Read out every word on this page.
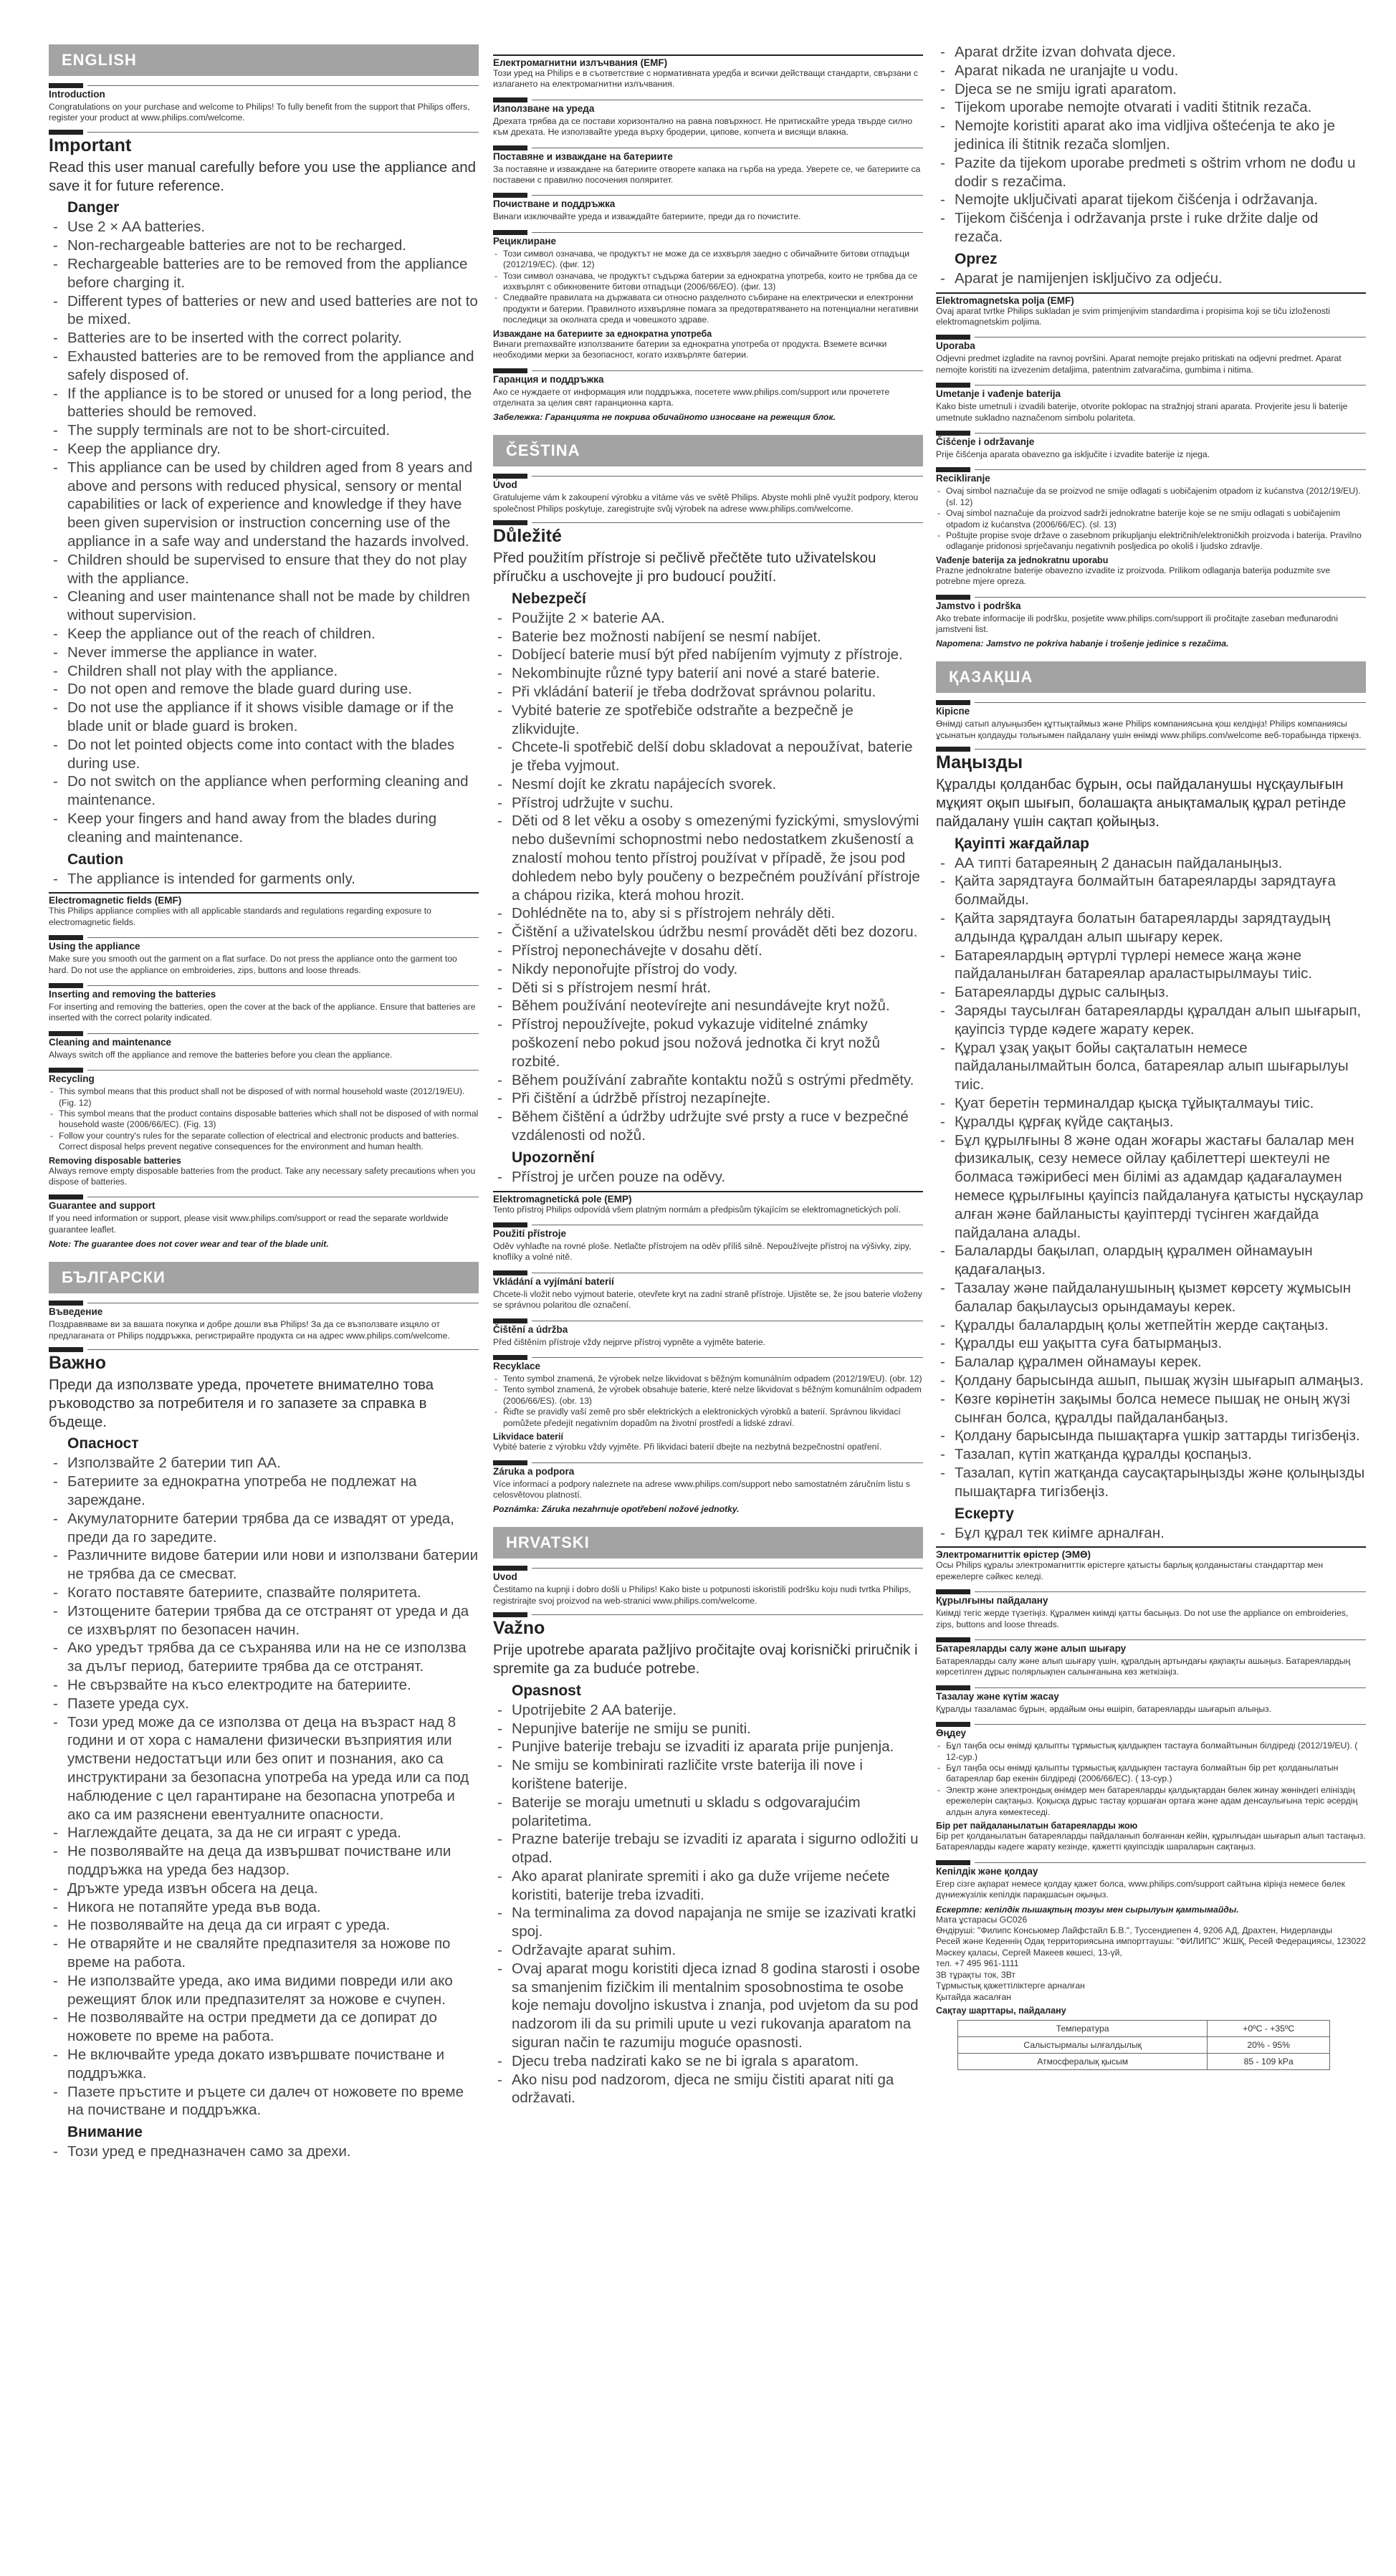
ENGLISH
Introduction

Congratulations on your purchase and welcome to Philips! To fully benefit from the support that Philips offers, register your product at www.philips.com/welcome.

Important

Read this user manual carefully before you use the appliance and save it for future reference.

Danger
- Use 2 × AA batteries.
- Non-rechargeable batteries are not to be recharged.
- Rechargeable batteries are to be removed from the appliance before charging it.
- Different types of batteries or new and used batteries are not to be mixed.
- Batteries are to be inserted with the correct polarity.
- Exhausted batteries are to be removed from the appliance and safely disposed of.
- If the appliance is to be stored or unused for a long period, the batteries should be removed.
- The supply terminals are not to be short-circuited.
- Keep the appliance dry.
- This appliance can be used by children aged from 8 years and above and persons with reduced physical, sensory or mental capabilities or lack of experience and knowledge if they have been given supervision or instruction concerning use of the appliance in a safe way and understand the hazards involved.
- Children should be supervised to ensure that they do not play with the appliance.
- Cleaning and user maintenance shall not be made by children without supervision.
- Keep the appliance out of the reach of children.
- Never immerse the appliance in water.
- Children shall not play with the appliance.
- Do not open and remove the blade guard during use.
- Do not use the appliance if it shows visible damage or if the blade unit or blade guard is broken.
- Do not let pointed objects come into contact with the blades during use.
- Do not switch on the appliance when performing cleaning and maintenance.
- Keep your fingers and hand away from the blades during cleaning and maintenance.
Caution
- The appliance is intended for garments only.
Electromagnetic fields (EMF)

This Philips appliance complies with all applicable standards and regulations regarding exposure to electromagnetic fields.

Using the appliance

Make sure you smooth out the garment on a flat surface. Do not press the appliance onto the garment too hard. Do not use the appliance on embroideries, zips, buttons and loose threads.

Inserting and removing the batteries

For inserting and removing the batteries, open the cover at the back of the appliance. Ensure that batteries are inserted with the correct polarity indicated.

Cleaning and maintenance

Always switch off the appliance and remove the batteries before you clean the appliance.

Recycling
- This symbol means that this product shall not be disposed of with normal household waste (2012/19/EU). (Fig. 12)
- This symbol means that the product contains disposable batteries which shall not be disposed of with normal household waste (2006/66/EC). (Fig. 13)
- Follow your country's rules for the separate collection of electrical and electronic products and batteries. Correct disposal helps prevent negative consequences for the environment and human health.
Removing disposable batteries

Always remove empty disposable batteries from the product. Take any necessary safety precautions when you dispose of batteries.

Guarantee and support

If you need information or support, please visit www.philips.com/support or read the separate worldwide guarantee leaflet.

Note: The guarantee does not cover wear and tear of the blade unit.

БЪЛГАРСКИ
Въведение

Поздравяваме ви за вашата покупка и добре дошли във Philips! За да се възползвате изцяло от предлаганата от Philips поддръжка, регистрирайте продукта си на адрес www.philips.com/welcome.

Важно

Преди да използвате уреда, прочетете внимателно това ръководство за потребителя и го запазете за справка в бъдеще.

Опасност
- Използвайте 2 батерии тип АА.
- Батериите за еднократна употреба не подлежат на зареждане.
- Акумулаторните батерии трябва да се извадят от уреда, преди да го заредите.
- Различните видове батерии или нови и използвани батерии не трябва да се смесват.
- Когато поставяте батериите, спазвайте поляритета.
- Изтощените батерии трябва да се отстранят от уреда и да се изхвърлят по безопасен начин.
- Ако уредът трябва да се съхранява или на не се използва за дълъг период, батериите трябва да се отстранят.
- Не свързвайте на късо електродите на батериите.
- Пазете уреда сух.
- Този уред може да се използва от деца на възраст над 8 години и от хора с намалени физически възприятия или умствени недостатъци или без опит и познания, ако са инструктирани за безопасна употреба на уреда или са под наблюдение с цел гарантиране на безопасна употреба и ако са им разяснени евентуалните опасности.
- Наглеждайте децата, за да не си играят с уреда.
- Не позволявайте на деца да извършват почистване или поддръжка на уреда без надзор.
- Дръжте уреда извън обсега на деца.
- Никога не потапяйте уреда във вода.
- Не позволявайте на деца да си играят с уреда.
- Не отваряйте и не сваляйте предпазителя за ножове по време на работа.
- Не използвайте уреда, ако има видими повреди или ако режещият блок или предпазителят за ножове е счупен.
- Не позволявайте на остри предмети да се допират до ножовете по време на работа.
- Не включвайте уреда докато извършвате почистване и поддръжка.
- Пазете пръстите и ръцете си далеч от ножовете по време на почистване и поддръжка.
Внимание
- Този уред е предназначен само за дрехи.
Електромагнитни излъчвания (EMF)

Този уред на Philips е в съответствие с нормативната уредба и всички действащи стандарти, свързани с излагането на електромагнитни излъчвания.

Използване на уреда

Дрехата трябва да се постави хоризонтално на равна повърхност. Не притискайте уреда твърде силно към дрехата. Не използвайте уреда върху бродерии, ципове, копчета и висящи влакна.

Поставяне и изваждане на батериите

За поставяне и изваждане на батериите отворете капака на гърба на уреда. Уверете се, че батериите са поставени с правилно посочения поляритет.

Почистване и поддръжка

Винаги изключвайте уреда и изваждайте батериите, преди да го почистите.

Рециклиране
- Този символ означава, че продуктът не може да се изхвърля заедно с обичайните битови отпадъци (2012/19/ЕС). (фиг. 12)
- Този символ означава, че продуктът съдържа батерии за еднократна употреба, които не трябва да се изхвърлят с обикновените битови отпадъци (2006/66/EO). (фиг. 13)
- Следвайте правилата на държавата си относно разделното събиране на електрически и електронни продукти и батерии. Правилното изхвърляне помага за предотвратяването на потенциални негативни последици за околната среда и човешкото здраве.
Изваждане на батериите за еднократна употреба

Винаги premaхвайте използваните батерии за еднократна употреба от продукта. Вземете всички необходими мерки за безопасност, когато изхвърляте батерии.

Гаранция и поддръжка

Ако се нуждаете от информация или поддръжка, посетете www.philips.com/support или прочетете отделната за целия свят гаранционна карта.

Забележка: Гаранцията не покрива обичайното износване на режещия блок.

ČEŠTINA
Úvod

Gratulujeme vám k zakoupení výrobku a vítáme vás ve světě Philips. Abyste mohli plně využít podpory, kterou společnost Philips poskytuje, zaregistrujte svůj výrobek na adrese www.philips.com/welcome.

Důležité

Před použitím přístroje si pečlivě přečtěte tuto uživatelskou příručku a uschovejte ji pro budoucí použití.

Nebezpečí
- Použijte 2 × baterie AA.
- Baterie bez možnosti nabíjení se nesmí nabíjet.
- Dobíjecí baterie musí být před nabíjením vyjmuty z přístroje.
- Nekombinujte různé typy baterií ani nové a staré baterie.
- Při vkládání baterií je třeba dodržovat správnou polaritu.
- Vybité baterie ze spotřebiče odstraňte a bezpečně je zlikvidujte.
- Chcete-li spotřebič delší dobu skladovat a nepoužívat, baterie je třeba vyjmout.
- Nesmí dojít ke zkratu napájecích svorek.
- Přístroj udržujte v suchu.
- Děti od 8 let věku a osoby s omezenými fyzickými, smyslovými nebo duševními schopnostmi nebo nedostatkem zkušeností a znalostí mohou tento přístroj používat v případě, že jsou pod dohledem nebo byly poučeny o bezpečném používání přístroje a chápou rizika, která mohou hrozit.
- Dohlédněte na to, aby si s přístrojem nehrály děti.
- Čištění a uživatelskou údržbu nesmí provádět děti bez dozoru.
- Přístroj neponechávejte v dosahu dětí.
- Nikdy neponořujte přístroj do vody.
- Děti si s přístrojem nesmí hrát.
- Během používání neotevírejte ani nesundávejte kryt nožů.
- Přístroj nepoužívejte, pokud vykazuje viditelné známky poškození nebo pokud jsou nožová jednotka či kryt nožů rozbité.
- Během používání zabraňte kontaktu nožů s ostrými předměty.
- Při čištění a údržbě přístroj nezapínejte.
- Během čištění a údržby udržujte své prsty a ruce v bezpečné vzdálenosti od nožů.
Upozornění
- Přístroj je určen pouze na oděvy.
Elektromagnetická pole (EMP)

Tento přístroj Philips odpovídá všem platným normám a předpisům týkajícím se elektromagnetických polí.

Použití přístroje

Oděv vyhlaďte na rovné ploše. Netlačte přístrojem na oděv příliš silně. Nepoužívejte přístroj na výšivky, zipy, knoflíky a volné nitě.

Vkládání a vyjímání baterií

Chcete-li vložit nebo vyjmout baterie, otevřete kryt na zadní straně přístroje. Ujistěte se, že jsou baterie vloženy se správnou polaritou dle označení.

Čištění a údržba

Před čištěním přístroje vždy nejprve přístroj vypněte a vyjměte baterie.

Recyklace
- Tento symbol znamená, že výrobek nelze likvidovat s běžným komunálním odpadem (2012/19/EU). (obr. 12)
- Tento symbol znamená, že výrobek obsahuje baterie, které nelze likvidovat s běžným komunálním odpadem (2006/66/ES). (obr. 13)
- Řiďte se pravidly vaší země pro sběr elektrických a elektronických výrobků a baterií. Správnou likvidací pomůžete předejít negativním dopadům na životní prostředí a lidské zdraví.
Likvidace baterií

Vybité baterie z výrobku vždy vyjměte. Při likvidaci baterií dbejte na nezbytná bezpečnostní opatření.

Záruka a podpora

Více informací a podpory naleznete na adrese www.philips.com/support nebo samostatném záručním listu s celosvětovou platností.

Poznámka: Záruka nezahrnuje opotřebení nožové jednotky.

HRVATSKI
Uvod

Čestitamo na kupnji i dobro došli u Philips! Kako biste u potpunosti iskoristili podršku koju nudi tvrtka Philips, registrirajte svoj proizvod na web-stranici www.philips.com/welcome.

Važno

Prije upotrebe aparata pažljivo pročitajte ovaj korisnički priručnik i spremite ga za buduće potrebe.

Opasnost
- Upotrijebite 2 AA baterije.
- Nepunjive baterije ne smiju se puniti.
- Punjive baterije trebaju se izvaditi iz aparata prije punjenja.
- Ne smiju se kombinirati različite vrste baterija ili nove i korištene baterije.
- Baterije se moraju umetnuti u skladu s odgovarajućim polaritetima.
- Prazne baterije trebaju se izvaditi iz aparata i sigurno odložiti u otpad.
- Ako aparat planirate spremiti i ako ga duže vrijeme nećete koristiti, baterije treba izvaditi.
- Na terminalima za dovod napajanja ne smije se izazivati kratki spoj.
- Održavajte aparat suhim.
- Ovaj aparat mogu koristiti djeca iznad 8 godina starosti i osobe sa smanjenim fizičkim ili mentalnim sposobnostima te osobe koje nemaju dovoljno iskustva i znanja, pod uvjetom da su pod nadzorom ili da su primili upute u vezi rukovanja aparatom na siguran način te razumiju moguće opasnosti.
- Djecu treba nadzirati kako se ne bi igrala s aparatom.
- Ako nisu pod nadzorom, djeca ne smiju čistiti aparat niti ga održavati.
- Aparat držite izvan dohvata djece.
- Aparat nikada ne uranjajte u vodu.
- Djeca se ne smiju igrati aparatom.
- Tijekom uporabe nemojte otvarati i vaditi štitnik rezača.
- Nemojte koristiti aparat ako ima vidljiva oštećenja te ako je jedinica ili štitnik rezača slomljen.
- Pazite da tijekom uporabe predmeti s oštrim vrhom ne dođu u dodir s rezačima.
- Nemojte uključivati aparat tijekom čišćenja i održavanja.
- Tijekom čišćenja i održavanja prste i ruke držite dalje od rezača.
Oprez
- Aparat je namijenjen isključivo za odjeću.
Elektromagnetska polja (EMF)

Ovaj aparat tvrtke Philips sukladan je svim primjenjivim standardima i propisima koji se tiču izloženosti elektromagnetskim poljima.

Uporaba

Odjevni predmet izgladite na ravnoj površini. Aparat nemojte prejako pritiskati na odjevni predmet. Aparat nemojte koristiti na izvezenim detaljima, patentnim zatvaračima, gumbima i nitima.

Umetanje i vađenje baterija

Kako biste umetnuli i izvadili baterije, otvorite poklopac na stražnjoj strani aparata. Provjerite jesu li baterije umetnute sukladno naznačenom simbolu polariteta.

Čišćenje i održavanje

Prije čišćenja aparata obavezno ga isključite i izvadite baterije iz njega.

Recikliranje
- Ovaj simbol naznačuje da se proizvod ne smije odlagati s uobičajenim otpadom iz kućanstva (2012/19/EU). (sl. 12)
- Ovaj simbol naznačuje da proizvod sadrži jednokratne baterije koje se ne smiju odlagati s uobičajenim otpadom iz kućanstva (2006/66/EC). (sl. 13)
- Poštujte propise svoje države o zasebnom prikupljanju električnih/elektroničkih proizvoda i baterija. Pravilno odlaganje pridonosi sprječavanju negativnih posljedica po okoliš i ljudsko zdravlje.
Vađenje baterija za jednokratnu uporabu

Prazne jednokratne baterije obavezno izvadite iz proizvoda. Prilikom odlaganja baterija poduzmite sve potrebne mjere opreza.

Jamstvo i podrška

Ako trebate informacije ili podršku, posjetite www.philips.com/support ili pročitajte zaseban međunarodni jamstveni list.

Napomena: Jamstvo ne pokriva habanje i trošenje jedinice s rezačima.

ҚАЗАҚША
Кіріспе

Өнімді сатып алуыңызбен құттықтаймыз және Philips компаниясына қош келдіңіз! Philips компаниясы ұсынатын қолдауды толығымен пайдалану үшін өнімді www.philips.com/welcome веб-торабында тіркеңіз.

Маңызды

Құралды қолданбас бұрын, осы пайдаланушы нұсқаулығын мұқият оқып шығып, болашақта анықтамалық құрал ретінде пайдалану үшін сақтап қойыңыз.

Қауіпті жағдайлар
- АА типті батареяның 2 данасын пайдаланыңыз.
- Қайта зарядтауға болмайтын батареяларды зарядтауға болмайды.
- Қайта зарядтауға болатын батареяларды зарядтаудың алдында құралдан алып шығару керек.
- Батареялардың әртүрлі түрлері немесе жаңа және пайдаланылған батареялар араластырылмауы тиіс.
- Батареяларды дұрыс салыңыз.
- Заряды таусылған батареяларды құралдан алып шығарып, қауіпсіз түрде кәдеге жарату керек.
- Құрал ұзақ уақыт бойы сақталатын немесе пайдаланылмайтын болса, батареялар алып шығарылуы тиіс.
- Қуат беретін терминалдар қысқа тұйықталмауы тиіс.
- Құралды құрғақ күйде сақтаңыз.
- Бұл құрылғыны 8 және одан жоғары жастағы балалар мен физикалық, сезу немесе ойлау қабілеттері шектеулі не болмаса тәжірибесі мен білімі аз адамдар қадағалаумен немесе құрылғыны қауіпсіз пайдалануға қатысты нұсқаулар алған және байланысты қауіптерді түсінген жағдайда пайдалана алады.
- Балаларды бақылап, олардың құралмен ойнамауын қадағалаңыз.
- Тазалау және пайдаланушының қызмет көрсету жұмысын балалар бақылаусыз орындамауы керек.
- Құралды балалардың қолы жетпейтін жерде сақтаңыз.
- Құралды еш уақытта суға батырмаңыз.
- Балалар құралмен ойнамауы керек.
- Қолдану барысында ашып, пышақ жүзін шығарып алмаңыз.
- Көзге көрінетін зақымы болса немесе пышақ не оның жүзі сынған болса, құралды пайдаланбаңыз.
- Қолдану барысында пышақтарға үшкір заттарды тигізбеңіз.
- Тазалап, күтіп жатқанда құралды қоспаңыз.
- Тазалап, күтіп жатқанда саусақтарыңызды және қолыңызды пышақтарға тигізбеңіз.
Ескерту
- Бұл құрал тек киімге арналған.
Электромагниттік өрістер (ЭМӨ)

Осы Philips құралы электромагниттік өрістерге қатысты барлық қолданыстағы стандарттар мен ережелерге сәйкес келеді.

Құрылғыны пайдалану

Киімді тегіс жерде түзетіңіз. Құралмен киімді қатты басыңыз. Do not use the appliance on embroideries, zips, buttons and loose threads.

Батареяларды салу және алып шығару

Батареяларды салу және алып шығару үшін, құралдың артындағы қақпақты ашыңыз. Батареялардың көрсетілген дұрыс полярлықпен салынғанына көз жеткізіңіз.

Тазалау және күтім жасау

Құралды тазаламас бұрын, әрдайым оны өшіріп, батареяларды шығарып алыңыз.

Өңдеу
- Бұл таңба осы өнімді қалыпты тұрмыстық қалдықпен тастауға болмайтынын білдіреді (2012/19/EU). ( 12-сур.)
- Бұл таңба осы өнімді қалыпты тұрмыстық қалдықпен тастауға болмайтын бір рет қолданылатын батареялар бар екенін білдіреді (2006/66/EC). ( 13-сур.)
- Электр және электрондық өнімдер мен батареяларды қалдықтардан бөлек жинау жөніндегі елініздің ережелерін сақтаңыз. Қоқысқа дұрыс тастау қоршаған ортаға және адам денсаулығына теріс әсердің алдын алуға көмектеседі.
Бір рет пайдаланылатын батареяларды жою

Бір рет қолданылатын батареяларды пайдаланып болғаннан кейін, құрылғыдан шығарып алып тастаңыз. Батареяларды кәдеге жарату кезінде, қажетті қауіпсіздік шараларын сақтаңыз.

Кепілдік және қолдау

Егер сізге ақпарат немесе қолдау қажет болса, www.philips.com/support сайтына кіріңіз немесе бөлек дүниежүзілік кепілдік парақшасын оқыңыз.

Ескертпе: кепілдік пышақтың тозуы мен сырылуын қамтымайды.

Мата ұстарасы GC026
Өндіруші: "Филипс Консьюмер Лайфстайл Б.В.", Туссендиепен 4, 9206 АД, Драхтен, Нидерланды
Ресей және Кеденнің Одақ территориясына импорттаушы: "ФИЛИПС" ЖШҚ, Ресей Федерациясы, 123022 Мәскеу қаласы, Сергей Макеев көшесі, 13-үй,
тел. +7 495 961-1111
3В тұрақты ток, 3Вт
Тұрмыстық қажеттіліктерге арналған
Қытайда жасалған
Сақтау шарттары, пайдалану
Температура	+0ºC - +35ºC
Салыстырмалы ылғалдылық	20% - 95%
Атмосфералық қысым	85 - 109 kPa
